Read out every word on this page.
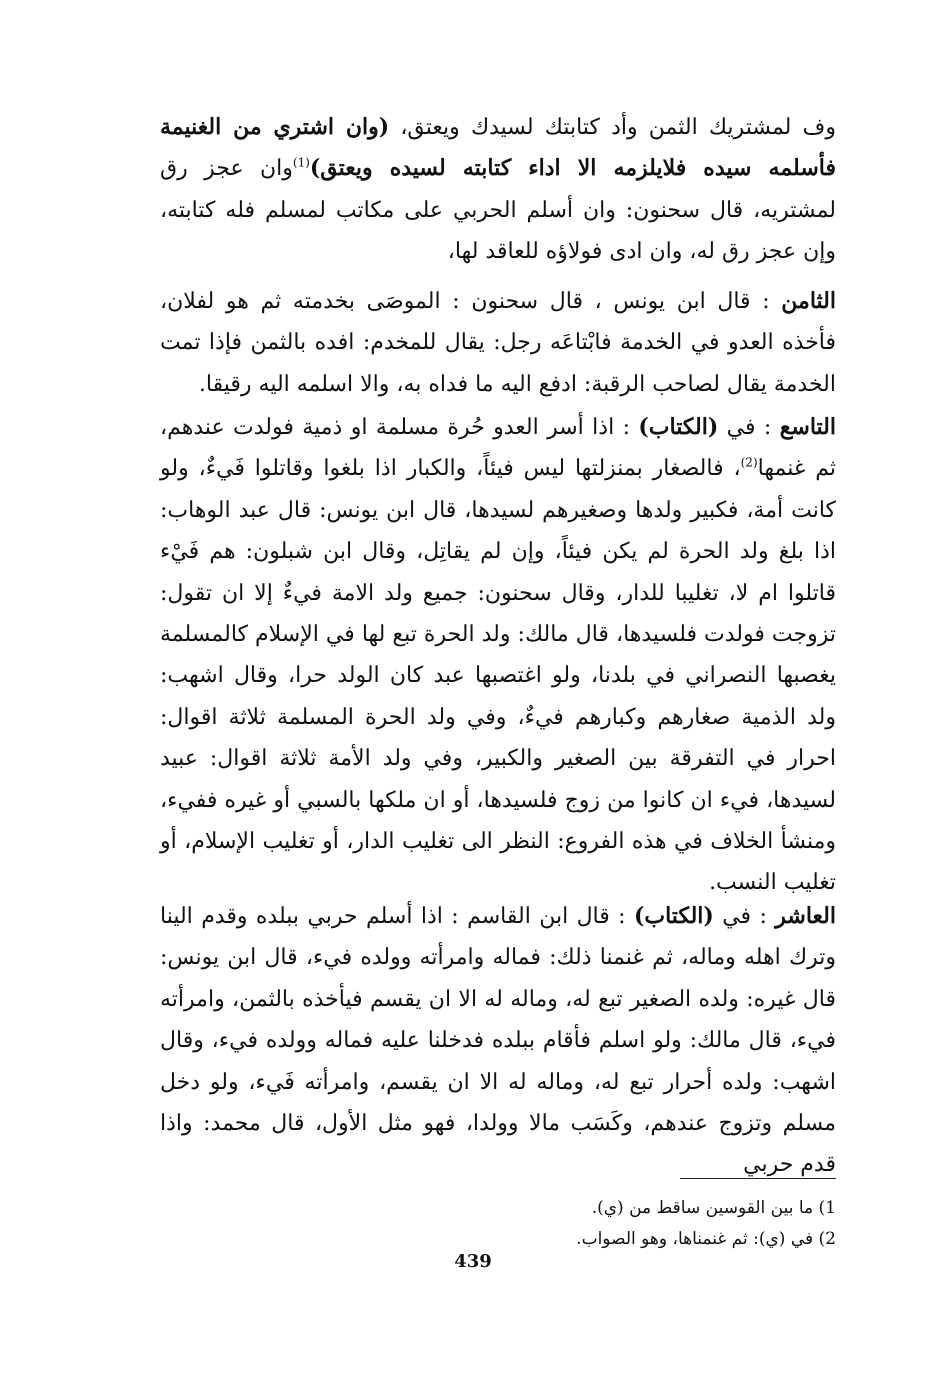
وف لمشتريك الثمن وأد كتابتك لسيدك ويعتق، (وان اشتري من الغنيمة فأسلمه سيده فلايلزمه الا اداء كتابته لسيده ويعتق)$^{(1)}$وان عجز رق لمشتريه، قال سحنون: وان أسلم الحربي على مكاتب لمسلم فله كتابته، وإن عجز رق له، وان ادى فولاؤه للعاقد لها،

الثامن : قال ابن يونس ، قال سحنون : الموصَى بخدمته ثم هو لفلان، فأخذه العدو في الخدمة فابْتاعَه رجل: يقال للمخدم: افده بالثمن فإذا تمت الخدمة يقال لصاحب الرقبة: ادفع اليه ما فداه به، والا اسلمه اليه رقيقا.

التاسع : في (الكتاب) : اذا أسر العدو حُرة مسلمة او ذمية فولدت عندهم، ثم غنمها$^{(2)}$، فالصغار بمنزلتها ليس فيئاً، والكبار اذا بلغوا وقاتلوا فَيءٌ، ولو كانت أمة، فكبير ولدها وصغيرهم لسيدها، قال ابن يونس: قال عبد الوهاب: اذا بلغ ولد الحرة لم يكن فيئاً، وإن لم يقاتِل، وقال ابن شبلون: هم فَيْء قاتلوا ام لا، تغليبا للدار، وقال سحنون: جميع ولد الامة فيءٌ إلا ان تقول: تزوجت فولدت فلسيدها، قال مالك: ولد الحرة تبع لها في الإسلام كالمسلمة يغصبها النصراني في بلدنا، ولو اغتصبها عبد كان الولد حرا، وقال اشهب: ولد الذمية صغارهم وكبارهم فيءٌ، وفي ولد الحرة المسلمة ثلاثة اقوال: احرار في التفرقة بين الصغير والكبير، وفي ولد الأمة ثلاثة اقوال: عبيد لسيدها، فيء ان كانوا من زوج فلسيدها، أو ان ملكها بالسبي أو غيره ففيء، ومنشأ الخلاف في هذه الفروع: النظر الى تغليب الدار، أو تغليب الإسلام، أو تغليب النسب.

العاشر : في (الكتاب) : قال ابن القاسم : اذا أسلم حربي ببلده وقدم الينا وترك اهله وماله، ثم غنمنا ذلك: فماله وامرأته وولده فيء، قال ابن يونس: قال غيره: ولده الصغير تبع له، وماله له الا ان يقسم فيأخذه بالثمن، وامرأته فيء، قال مالك: ولو اسلم فأقام ببلده فدخلنا عليه فماله وولده فيء، وقال اشهب: ولده أحرار تبع له، وماله له الا ان يقسم، وامرأته فَيء، ولو دخل مسلم وتزوج عندهم، وكَسَب مالا وولدا، فهو مثل الأول، قال محمد: واذا قدم حربي

1) ما بين القوسين ساقط من (ي).
2) في (ي): ثم غنمناها، وهو الصواب.
439
